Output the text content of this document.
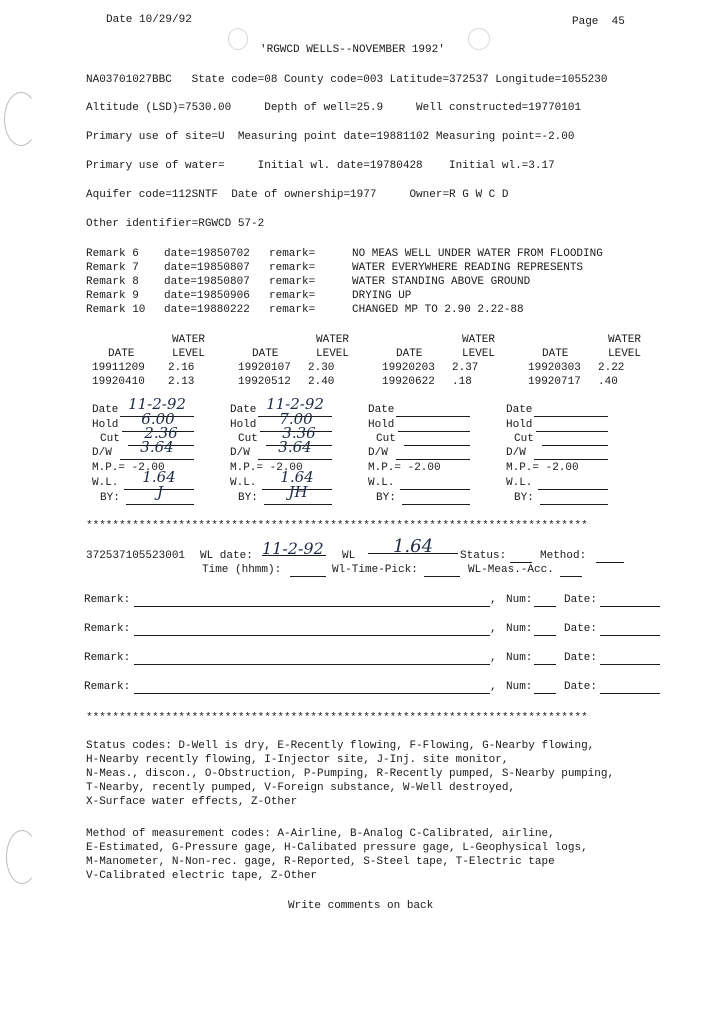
Date 10/29/92	Page  45
'RGWCD WELLS--NOVEMBER 1992'
NA03701027BBC   State code=08 County code=003 Latitude=372537 Longitude=1055230
Altitude (LSD)=7530.00     Depth of well=25.9     Well constructed=19770101
Primary use of site=U  Measuring point date=19881102 Measuring point=-2.00
Primary use of water=     Initial wl. date=19780428    Initial wl.=3.17
Aquifer code=112SNTF  Date of ownership=1977     Owner=R G W C D
Other identifier=RGWCD 57-2
Remark 6 date=19850702 remark=	NO MEAS WELL UNDER WATER FROM FLOODING
Remark 7 date=19850807 remark=	WATER EVERYWHERE READING REPRESENTS
Remark 8 date=19850807 remark=	WATER STANDING ABOVE GROUND
Remark 9 date=19850906 remark=	DRYING UP
Remark 10 date=19880222 remark=	CHANGED MP TO 2.90 2.22-88
WATER	WATER	WATER	WATER
DATE	LEVEL	DATE	LEVEL	DATE	LEVEL	DATE	LEVEL
19911209 2.16	19920107 2.30	19920203 2.37	19920303 2.22
19920410 2.13	19920512 2.40	19920622 .18	19920717 .40
Date 11-2-92
Hold	6.00
Cut	2.36
D/W	3.64
M.P.= -2.00
W.L.	1.64
BY:	J
Date 11-2-92
Hold	7.00
Cut	3.36
D/W	3.64
M.P.= -2.00
W.L.	1.64
BY:	JH
Date
Hold
Cut
D/W
M.P.= -2.00
W.L.
BY:
Date
Hold
Cut
D/W
M.P.= -2.00
W.L.
BY:
****************************************************************************
372537105523001 WL date: 11-2-92 WL	1.64	Status:	Method:
Time (hhmm):	Wl-Time-Pick:	WL-Meas.-Acc.
Remark:	, Num:	Date:
Remark:	, Num:	Date:
Remark:	, Num:	Date:
Remark:	, Num:	Date:
****************************************************************************
Status codes: D-Well is dry, E-Recently flowing, F-Flowing, G-Nearby flowing,
H-Nearby recently flowing, I-Injector site, J-Inj. site monitor,
N-Meas., discon., O-Obstruction, P-Pumping, R-Recently pumped, S-Nearby pumping,
T-Nearby, recently pumped, V-Foreign substance, W-Well destroyed,
X-Surface water effects, Z-Other
Method of measurement codes: A-Airline, B-Analog C-Calibrated, airline,
E-Estimated, G-Pressure gage, H-Calibated pressure gage, L-Geophysical logs,
M-Manometer, N-Non-rec. gage, R-Reported, S-Steel tape, T-Electric tape
V-Calibrated electric tape, Z-Other
Write comments on back
